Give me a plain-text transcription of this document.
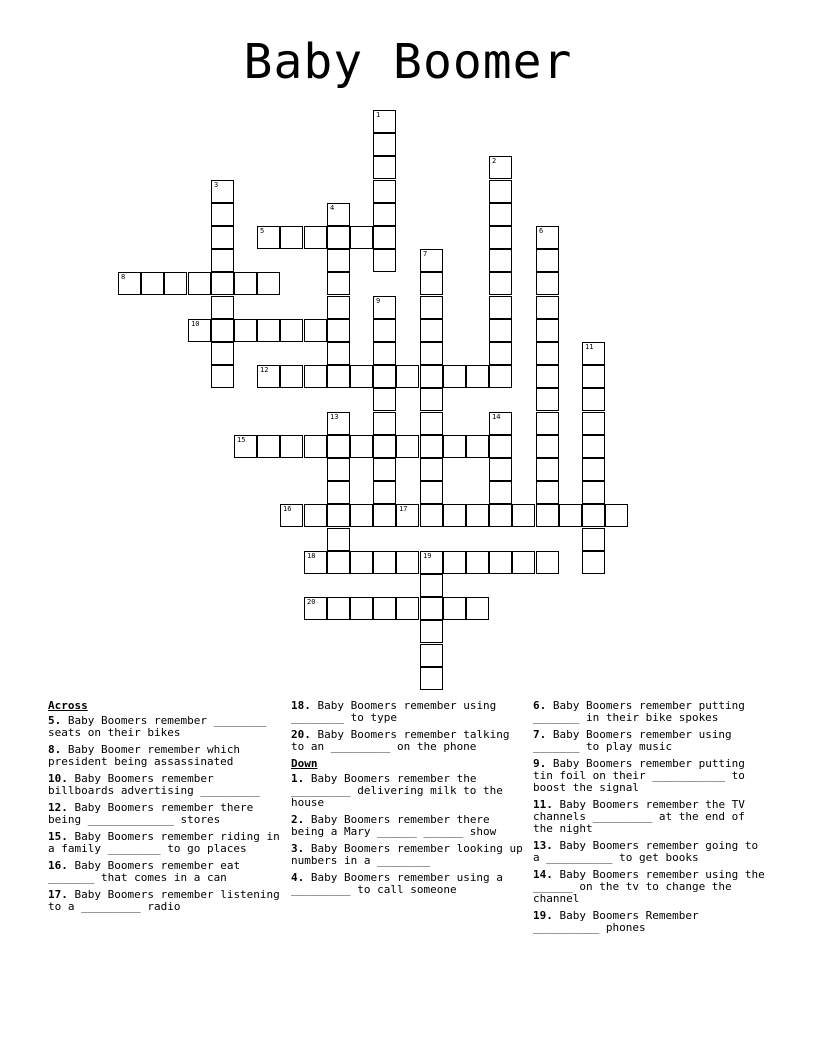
Baby Boomer
5
8
10
12
15
16	17
18	19
20
1
2
3
4
6
7
9
11
13	14
Across
5. Baby Boomers remember ________ seats on their bikes
8. Baby Boomer remember which president being assassinated
10. Baby Boomers remember billboards advertising _________
12. Baby Boomers remember there being _____________ stores
15. Baby Boomers remember riding in a family ________ to go places
16. Baby Boomers remember eat _______ that comes in a can
17. Baby Boomers remember listening to a _________ radio
18. Baby Boomers remember using ________ to type
20. Baby Boomers remember talking to an _________ on the phone
Down
1. Baby Boomers remember the _________ delivering milk to the house
2. Baby Boomers remember there being a Mary ______ ______ show
3. Baby Boomers remember looking up numbers in a ________
4. Baby Boomers remember using a _________ to call someone
6. Baby Boomers remember putting _______ in their bike spokes
7. Baby Boomers remember using _______ to play music
9. Baby Boomers remember putting tin foil on their ___________ to boost the signal
11. Baby Boomers remember the TV channels _________ at the end of the night
13. Baby Boomers remember going to a __________ to get books
14. Baby Boomers remember using the ______ on the tv to change the channel
19. Baby Boomers Remember __________ phones
